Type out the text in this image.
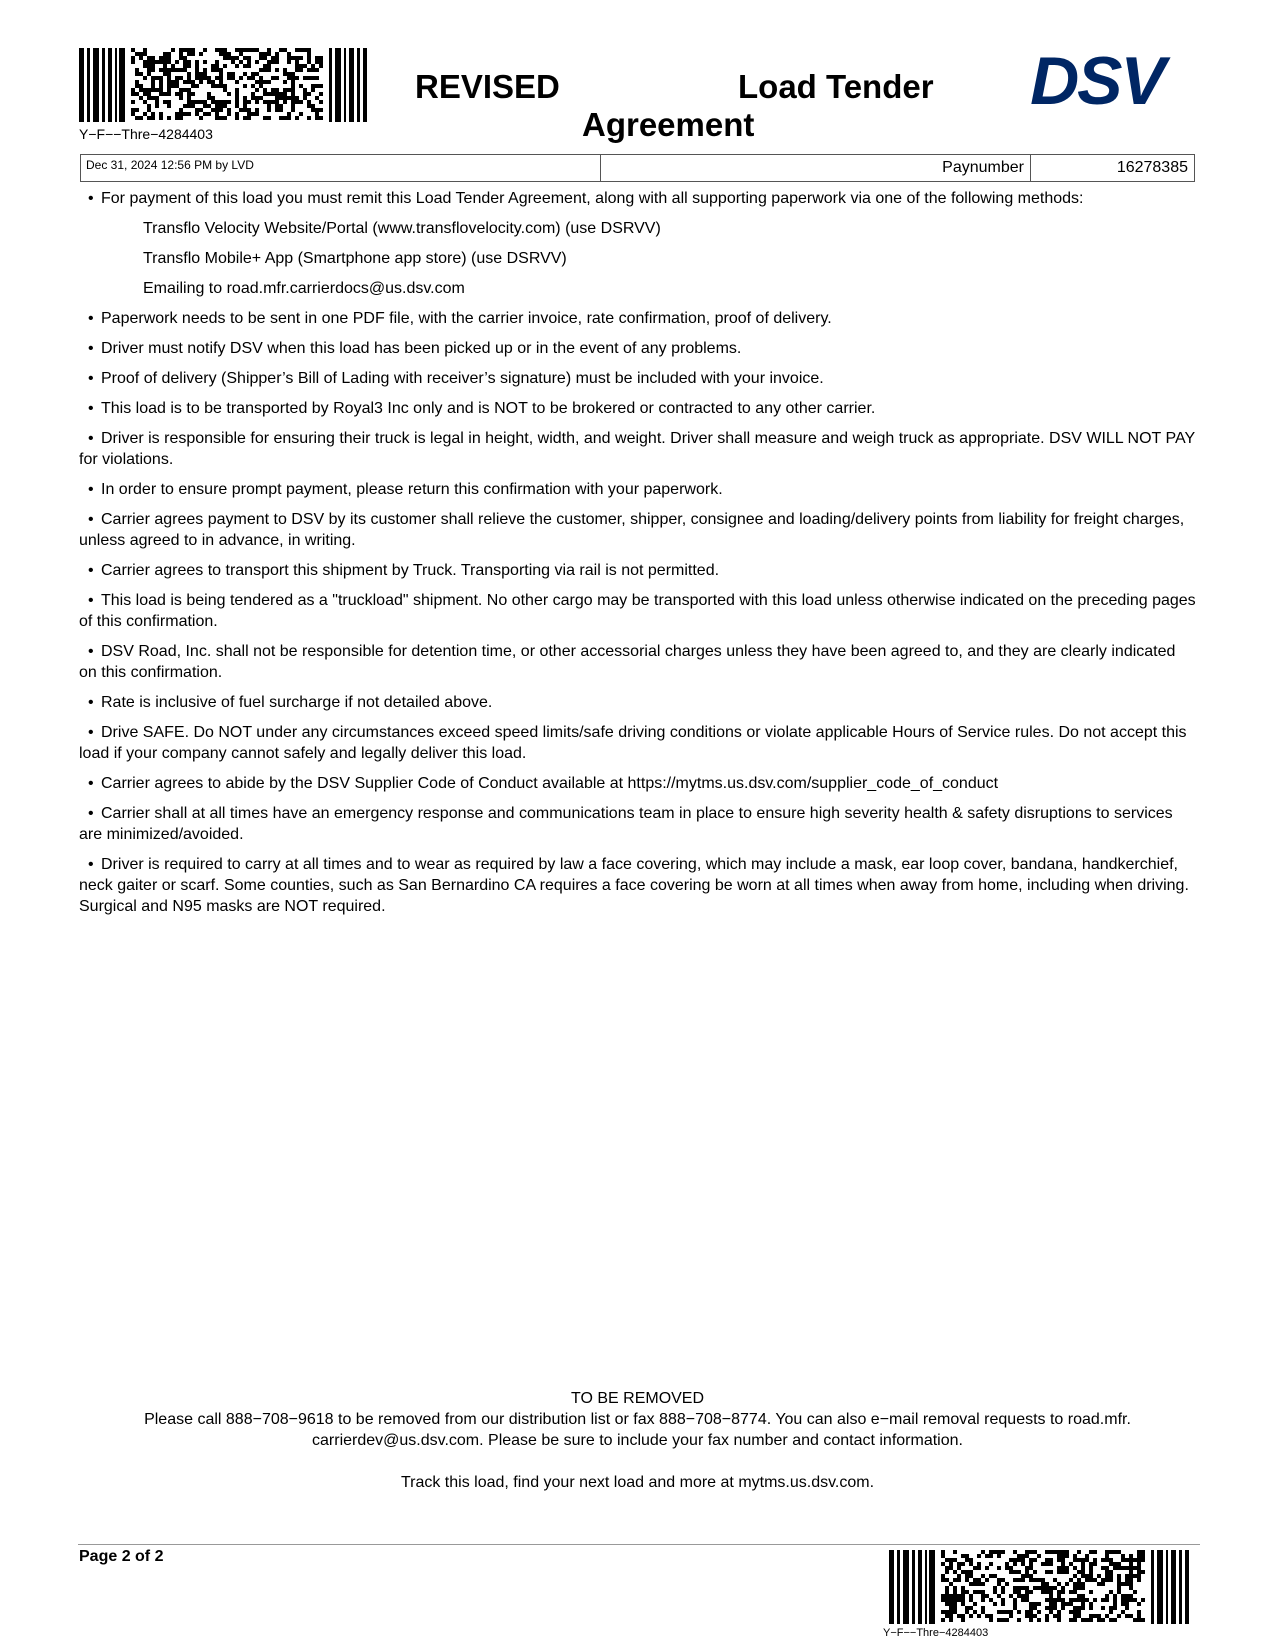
Y−F−−Thre−4284403
REVISED	Load Tender
Agreement
DSV
Dec 31, 2024 12:56 PM by LVD	Paynumber	16278385

• For payment of this load you must remit this Load Tender Agreement, along with all supporting paperwork via one of the following methods:

Transflo Velocity Website/Portal (www.transflovelocity.com) (use DSRVV)

Transflo Mobile+ App (Smartphone app store) (use DSRVV)

Emailing to road.mfr.carrierdocs@us.dsv.com

• Paperwork needs to be sent in one PDF file, with the carrier invoice, rate confirmation, proof of delivery.

• Driver must notify DSV when this load has been picked up or in the event of any problems.

• Proof of delivery (Shipper’s Bill of Lading with receiver’s signature) must be included with your invoice.

• This load is to be transported by Royal3 Inc only and is NOT to be brokered or contracted to any other carrier.

• Driver is responsible for ensuring their truck is legal in height, width, and weight. Driver shall measure and weigh truck as appropriate. DSV WILL NOT PAY for violations.

• In order to ensure prompt payment, please return this confirmation with your paperwork.

• Carrier agrees payment to DSV by its customer shall relieve the customer, shipper, consignee and loading/delivery points from liability for freight charges, unless agreed to in advance, in writing.

• Carrier agrees to transport this shipment by Truck. Transporting via rail is not permitted.

• This load is being tendered as a "truckload" shipment. No other cargo may be transported with this load unless otherwise indicated on the preceding pages of this confirmation.

• DSV Road, Inc. shall not be responsible for detention time, or other accessorial charges unless they have been agreed to, and they are clearly indicated on this confirmation.

• Rate is inclusive of fuel surcharge if not detailed above.

• Drive SAFE. Do NOT under any circumstances exceed speed limits/safe driving conditions or violate applicable Hours of Service rules. Do not accept this load if your company cannot safely and legally deliver this load.

• Carrier agrees to abide by the DSV Supplier Code of Conduct available at https://mytms.us.dsv.com/supplier_code_of_conduct

• Carrier shall at all times have an emergency response and communications team in place to ensure high severity health & safety disruptions to services are minimized/avoided.

• Driver is required to carry at all times and to wear as required by law a face covering, which may include a mask, ear loop cover, bandana, handkerchief, neck gaiter or scarf. Some counties, such as San Bernardino CA requires a face covering be worn at all times when away from home, including when driving. Surgical and N95 masks are NOT required.

TO BE REMOVED
Please call 888−708−9618 to be removed from our distribution list or fax 888−708−8774. You can also e−mail removal requests to road.mfr.
carrierdev@us.dsv.com. Please be sure to include your fax number and contact information.
Track this load, find your next load and more at mytms.us.dsv.com.
Page 2 of 2
Y−F−−Thre−4284403
